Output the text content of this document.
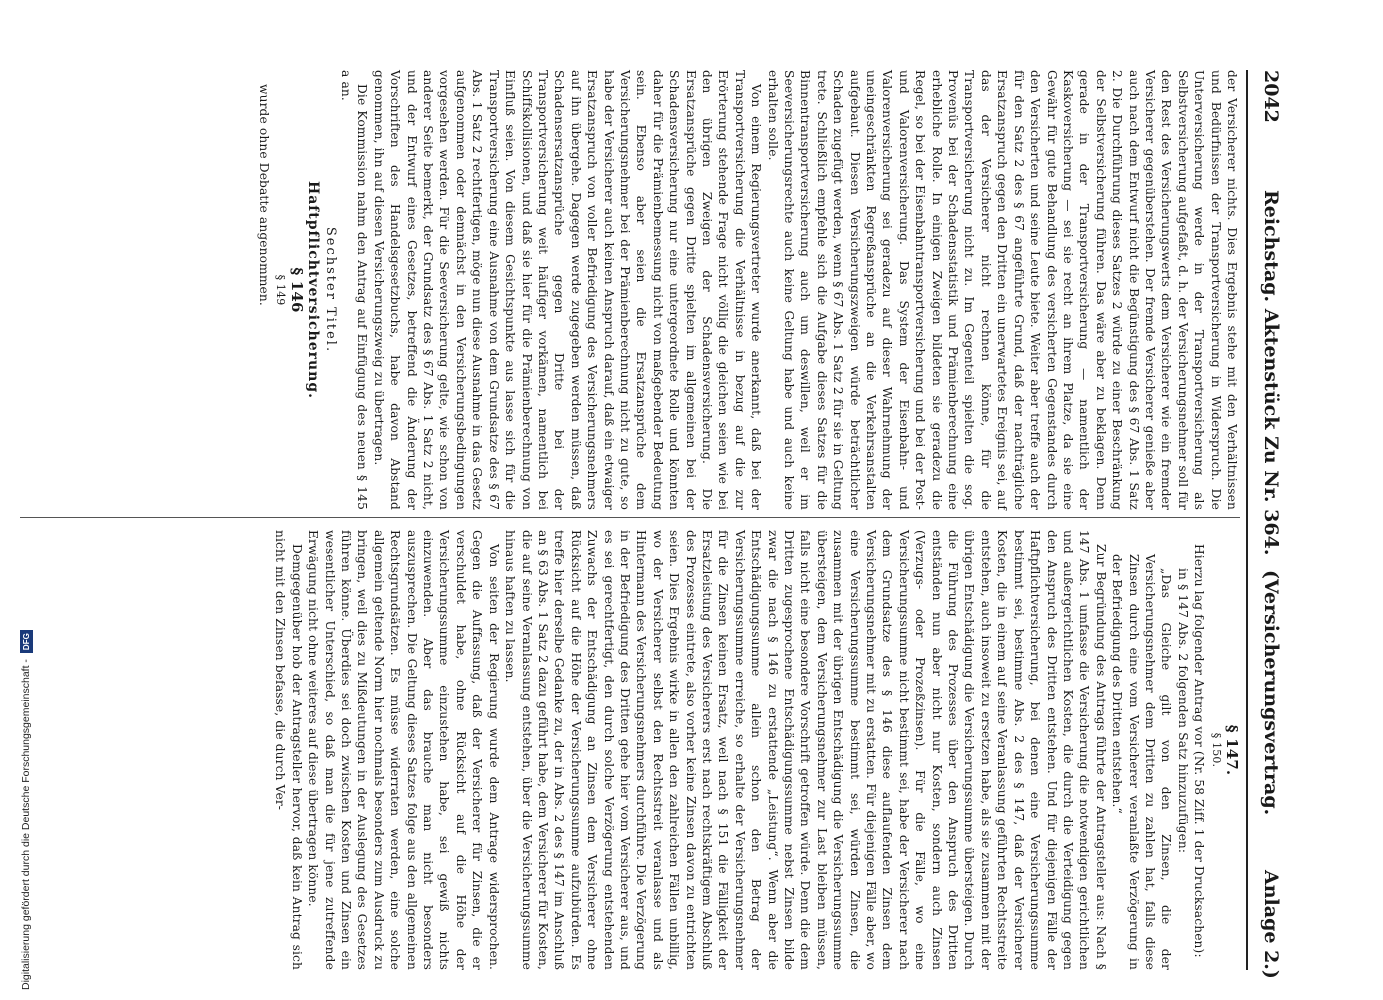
2042
Reichstag. Aktenstück Zu Nr. 364.
(Versicherungsvertrag.
Anlage 2.)

der Versicherer nichts. Dies Ergebnis stehe mit den Verhältnissen und Bedürfnissen der Transportversicherung in Widerspruch. Die Unterversicherung werde in der Transportversicherung als Selbstversicherung aufgefaßt, d. h. der Versicherungsnehmer soll für den Rest des Versicherungswerts dem Versicherer wie ein fremder Versicherer gegenüberstehen. Der fremde Versicherer genieße aber auch nach dem Entwurf nicht die Begünstigung des § 67 Abs. 1 Satz 2. Die Durchführung dieses Satzes 2 würde zu einer Beschränkung der Selbstversicherung führen. Das wäre aber zu beklagen. Denn gerade in der Transportversicherung — namentlich der Kaskoversicherung — sei sie recht an ihrem Platze, da sie eine Gewähr für gute Behandlung des versicherten Gegenstandes durch den Versicherten und seine Leute biete. Weiter aber treffe auch der für den Satz 2 des § 67 angeführte Grund, daß der nachträgliche Ersatzanspruch gegen den Dritten ein unerwartetes Ereignis sei, auf das der Versicherer nicht rechnen könne, für die Transportversicherung nicht zu. Im Gegenteil spielten die sog. Provenüs bei der Schadensstatistik und Prämienberechnung eine erhebliche Rolle. In einigen Zweigen bildeten sie geradezu die Regel, so bei der Eisenbahntransportversicherung und bei der Post- und Valorenversicherung. Das System der Eisenbahn- und Valorenversicherung sei geradezu auf dieser Wahrnehmung der uneingeschränkten Regreßansprüche an die Verkehrsanstalten aufgebaut. Diesen Versicherungszweigen würde beträchtlicher Schaden zugefügt werden, wenn § 67 Abs. 1 Satz 2 für sie in Geltung trete. Schließlich empfehle sich die Aufgabe dieses Satzes für die Binnentransportversicherung auch um deswillen, weil er im Seeversicherungsrechte auch keine Geltung habe und auch keine erhalten solle.

Von einem Regierungsvertreter wurde anerkannt, daß bei der Transportversicherung die Verhältnisse in bezug auf die zur Erörterung stehende Frage nicht völlig die gleichen seien wie bei den übrigen Zweigen der Schadensversicherung. Die Ersatzansprüche gegen Dritte spielten im allgemeinen bei der Schadensversicherung nur eine untergeordnete Rolle und könnten daher für die Prämienbemessung nicht von maßgebender Bedeutung sein. Ebenso aber seien die Ersatzansprüche dem Versicherungsnehmer bei der Prämienberechnung nicht zu gute, so habe der Versicherer auch keinen Anspruch darauf, daß ein etwaiger Ersatzanspruch von voller Befriedigung des Versicherungsnehmers auf ihn übergehe. Dagegen werde zugegeben werden müssen, daß Schadensersatzansprüche gegen Dritte bei der Transportversicherung weit häufiger vorkämen, namentlich bei Schiffskollisionen, und daß sie hier für die Prämienberechnung von Einfluß seien. Von diesem Gesichtspunkte aus lasse sich für die Transportversicherung eine Ausnahme von dem Grundsatze des § 67 Abs. 1 Satz 2 rechtfertigen, möge nun diese Ausnahme in das Gesetz aufgenommen oder demnächst in den Versicherungsbedingungen vorgesehen werden. Für die Seeversicherung gelte, wie schon von anderer Seite bemerkt, der Grundsatz des § 67 Abs. 1 Satz 2 nicht, und der Entwurf eines Gesetzes, betreffend die Änderung der Vorschriften des Handelsgesetzbuchs, habe davon Abstand genommen, ihn auf diesen Versicherungszweig zu übertragen.

Die Kommission nahm den Antrag auf Einfügung des neuen § 145 a an.

Sechster Titel.

Haftpflichtversicherung.

§ 146

§ 149

wurde ohne Debatte angenommen.

§ 147.

§ 150.

Hierzu lag folgender Antrag vor (Nr. 58 Ziff. 1 der Drucksachen):

in § 147 Abs. 2 folgenden Satz hinzuzufügen:

„Das Gleiche gilt von den Zinsen, die der Versicherungsnehmer dem Dritten zu zahlen hat, falls diese Zinsen durch eine vom Versicherer veranlaßte Verzögerung in der Befriedigung des Dritten entstehen.“

Zur Begründung des Antrags führte der Antragsteller aus: Nach § 147 Abs. 1 umfasse die Versicherung die notwendigen gerichtlichen und außergerichtlichen Kosten, die durch die Verteidigung gegen den Anspruch des Dritten entstehen. Und für diejenigen Fälle der Haftpflichtversicherung, bei denen eine Versicherungssumme bestimmt sei, bestimme Abs. 2 des § 147, daß der Versicherer Kosten, die in einem auf seine Veranlassung geführten Rechtsstreite entstehen, auch insoweit zu ersetzen habe, als sie zusammen mit der übrigen Entschädigung die Versicherungssumme übersteigen. Durch die Führung des Prozesses über den Anspruch des Dritten entständen nun aber nicht nur Kosten, sondern auch Zinsen (Verzugs- oder Prozeßzinsen). Für die Fälle, wo eine Versicherungssumme nicht bestimmt sei, habe der Versicherer nach dem Grundsatze des § 146 diese auflaufenden Zinsen dem Versicherungsnehmer mit zu erstatten. Für diejenigen Fälle aber, wo eine Versicherungssumme bestimmt sei, würden Zinsen, die zusammen mit der übrigen Entschädigung die Versicherungssumme übersteigen, dem Versicherungsnehmer zur Last bleiben müssen, falls nicht eine besondere Vorschrift getroffen würde. Denn die dem Dritten zugesprochene Entschädigungssumme nebst Zinsen bilde zwar die nach § 146 zu erstattende „Leistung“. Wenn aber die Entschädigungssumme allein schon den Betrag der Versicherungssumme erreiche, so erhalte der Versicherungsnehmer für die Zinsen keinen Ersatz, weil nach § 151 die Fälligkeit der Ersatzleistung des Versicherers erst nach rechtskräftigem Abschluß des Prozesses eintrete, also vorher keine Zinsen davon zu entrichten seien. Dies Ergebnis wirke in allen den zahlreichen Fällen unbillig, wo der Versicherer selbst den Rechtsstreit veranlasse und als Hintermann des Versicherungsnehmers durchführe. Die Verzögerung in der Befriedigung des Dritten gehe hier vom Versicherer aus, und es sei gerechtfertigt, den durch solche Verzögerung entstehenden Zuwachs der Entschädigung an Zinsen dem Versicherer ohne Rücksicht auf die Höhe der Versicherungssumme aufzubürden. Es treffe hier derselbe Gedanke zu, der in Abs. 2 des § 147 im Anschluß an § 63 Abs. 1 Satz 2 dazu geführt habe, dem Versicherer für Kosten, die auf seine Veranlassung entstehen, über die Versicherungssumme hinaus haften zu lassen.

Von seiten der Regierung wurde dem Antrage widersprochen. Gegen die Auffassung, daß der Versicherer für Zinsen, die er verschuldet habe, ohne Rücksicht auf die Höhe der Versicherungssumme einzustehen habe, sei gewiß nichts einzuwenden. Aber das brauche man nicht besonders auszusprechen. Die Geltung dieses Satzes folge aus den allgemeinen Rechtsgrundsätzen. Es müsse widerraten werden, eine solche allgemein geltende Norm hier nochmals besonders zum Ausdruck zu bringen, weil dies zu Mißdeutungen in der Auslegung des Gesetzes führen könne. Überdies sei doch zwischen Kosten und Zinsen ein wesentlicher Unterschied, so daß man die für jene zutreffende Erwägung nicht ohne weiteres auf diese übertragen könne.

Demgegenüber hob der Antragsteller hervor, daß kein Antrag sich nicht mit den Zinsen befasse, die durch Ver-

Digitalisierung gefördert durch die Deutsche Forschungsgemeinschaft -
DFG
